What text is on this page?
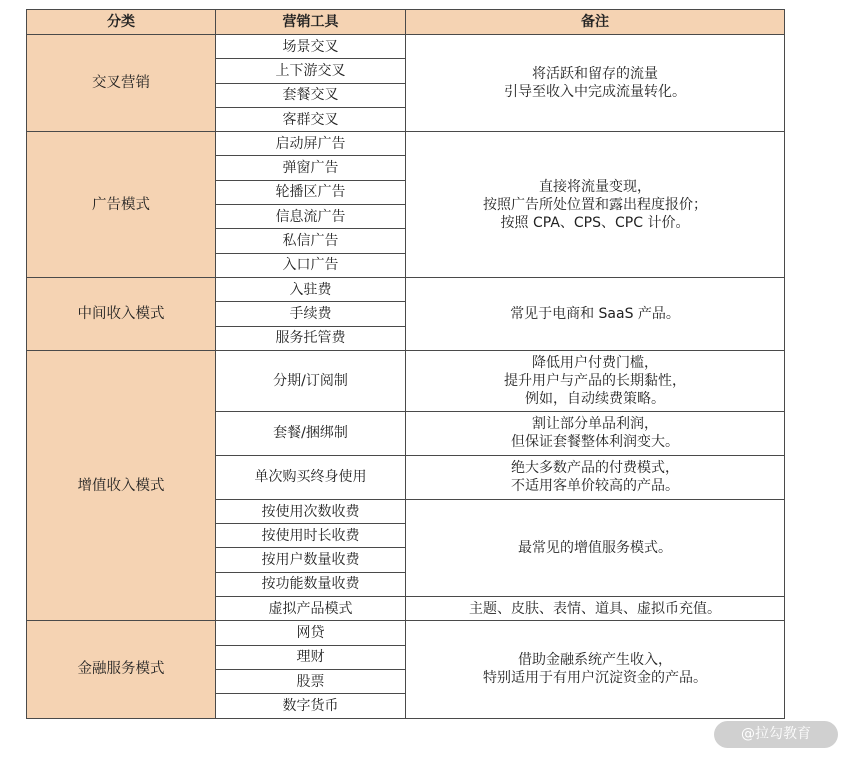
分类	营销工具	备注
交叉营销	场景交叉	将活跃和留存的流量
引导至收入中完成流量转化。
	上下游交叉	
	套餐交叉	
	客群交叉	
广告模式	启动屏广告	直接将流量变现，
按照广告所处位置和露出程度报价；
按照 CPA、CPS、CPC 计价。
	弹窗广告	
	轮播区广告	
	信息流广告	
	私信广告	
	入口广告	
中间收入模式	入驻费	常见于电商和 SaaS 产品。
	手续费	
	服务托管费	
增值收入模式	分期/订阅制	降低用户付费门槛，
提升用户与产品的长期黏性，
例如，自动续费策略。
	套餐/捆绑制	割让部分单品利润，
但保证套餐整体利润变大。
	单次购买终身使用	绝大多数产品的付费模式，
不适用客单价较高的产品。
	按使用次数收费	最常见的增值服务模式。
	按使用时长收费	
	按用户数量收费	
	按功能数量收费	
	虚拟产品模式	主题、皮肤、表情、道具、虚拟币充值。
金融服务模式	网贷	借助金融系统产生收入，
特别适用于有用户沉淀资金的产品。
	理财	
	股票	
	数字货币	
@拉勾教育
